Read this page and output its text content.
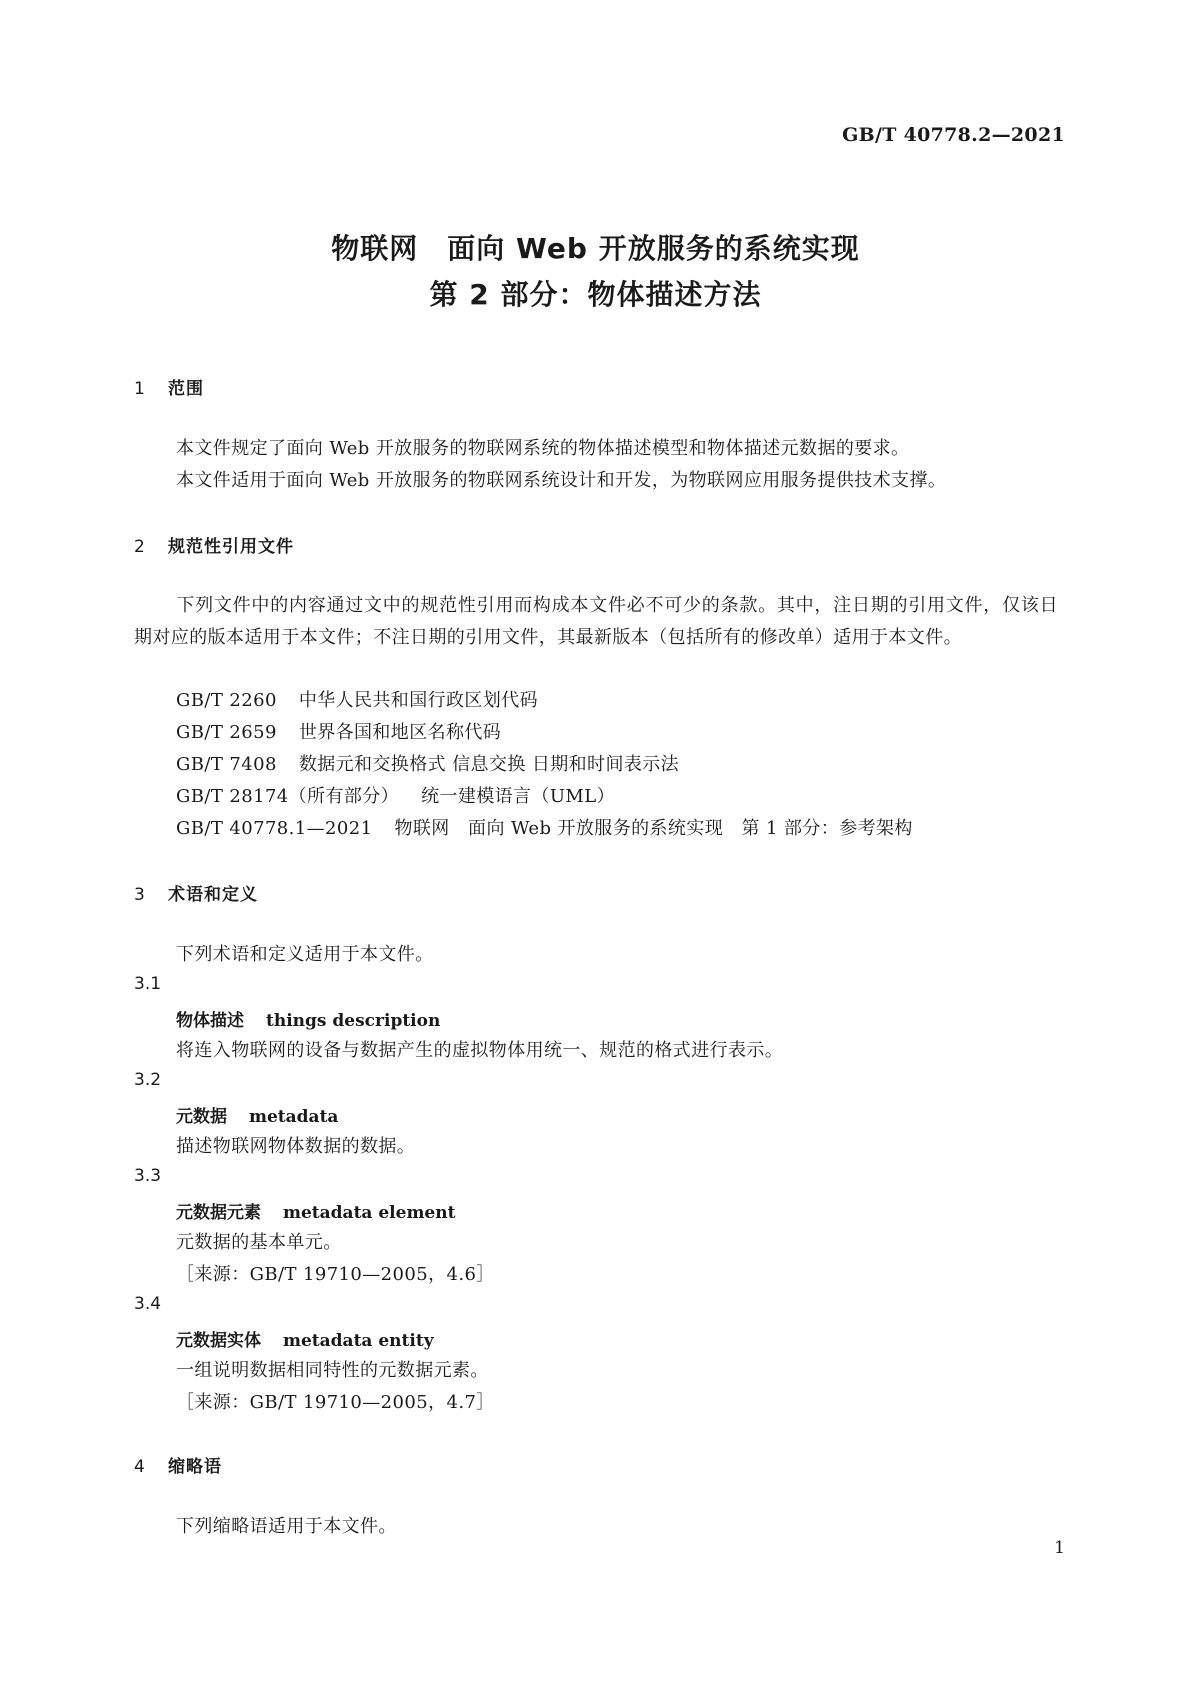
GB/T 40778.2—2021
物联网　面向 Web 开放服务的系统实现
第 2 部分：物体描述方法
1 范围
本文件规定了面向 Web 开放服务的物联网系统的物体描述模型和物体描述元数据的要求。
本文件适用于面向 Web 开放服务的物联网系统设计和开发，为物联网应用服务提供技术支撑。
2 规范性引用文件
下列文件中的内容通过文中的规范性引用而构成本文件必不可少的条款。其中，注日期的引用文件，仅该日期对应的版本适用于本文件；不注日期的引用文件，其最新版本（包括所有的修改单）适用于本文件。
GB/T 2260 中华人民共和国行政区划代码
GB/T 2659 世界各国和地区名称代码
GB/T 7408 数据元和交换格式 信息交换 日期和时间表示法
GB/T 28174（所有部分） 统一建模语言（UML）
GB/T 40778.1—2021 物联网　面向 Web 开放服务的系统实现　第 1 部分：参考架构
3 术语和定义
下列术语和定义适用于本文件。
3.1
物体描述 things description
将连入物联网的设备与数据产生的虚拟物体用统一、规范的格式进行表示。
3.2
元数据 metadata
描述物联网物体数据的数据。
3.3
元数据元素 metadata element
元数据的基本单元。
［来源：GB/T 19710—2005，4.6］
3.4
元数据实体 metadata entity
一组说明数据相同特性的元数据元素。
［来源：GB/T 19710—2005，4.7］
4 缩略语
下列缩略语适用于本文件。
1
